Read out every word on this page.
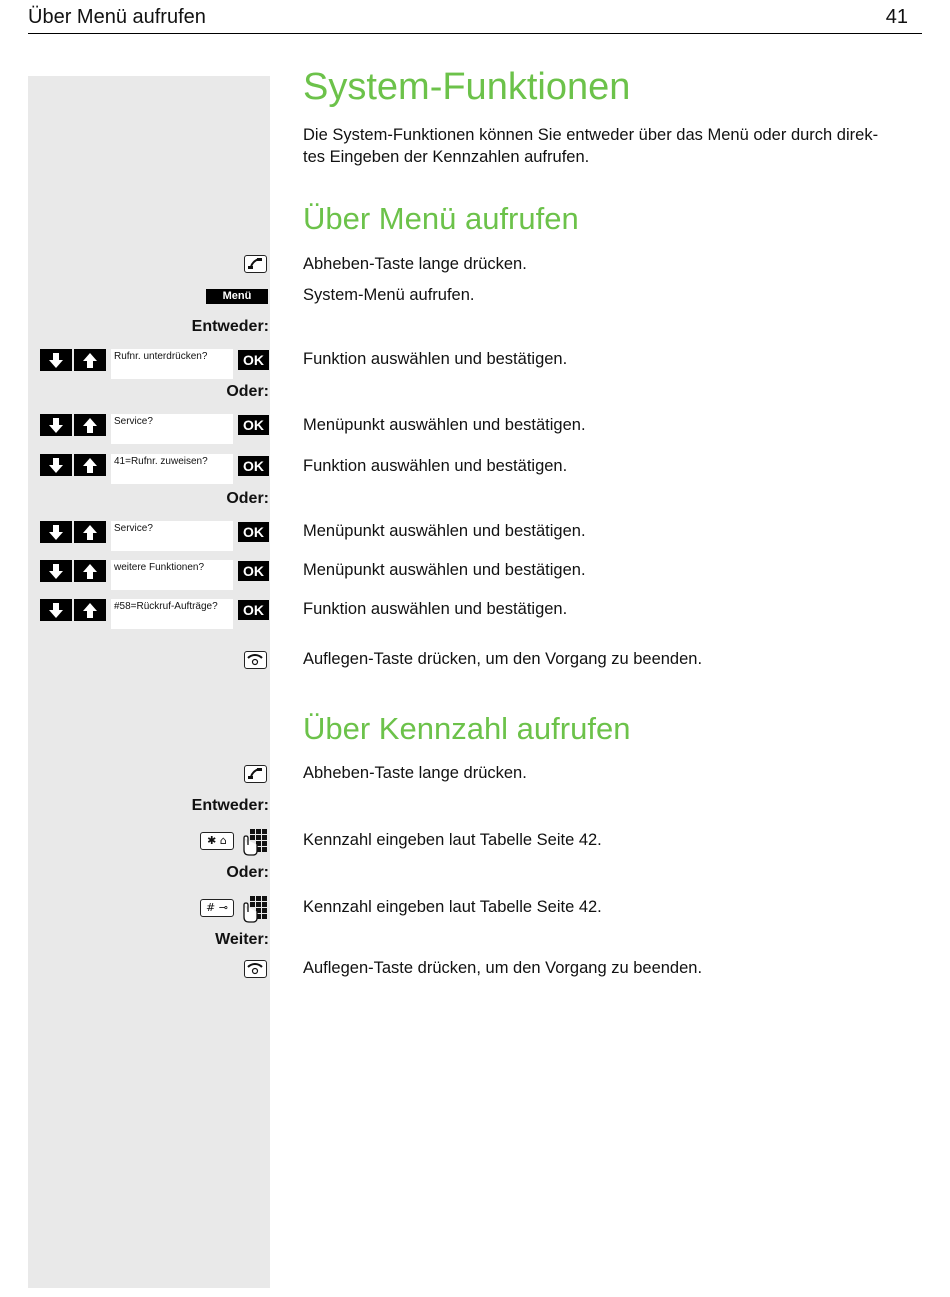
Über Menü aufrufen	41
System-Funktionen
Die System-Funktionen können Sie entweder über das Menü oder durch direk-
tes Eingeben der Kennzahlen aufrufen.
Über Menü aufrufen
Abheben-Taste lange drücken.
Menü	System-Menü aufrufen.
Entweder:
Rufnr. unterdrücken?	OK	Funktion auswählen und bestätigen.
Oder:
Service?	OK	Menüpunkt auswählen und bestätigen.
41=Rufnr. zuweisen?	OK	Funktion auswählen und bestätigen.
Oder:
Service?	OK	Menüpunkt auswählen und bestätigen.
weitere Funktionen?	OK	Menüpunkt auswählen und bestätigen.
#58=Rückruf-Aufträge?	OK	Funktion auswählen und bestätigen.
Auflegen-Taste drücken, um den Vorgang zu beenden.
Über Kennzahl aufrufen
Abheben-Taste lange drücken.
Entweder:
✱ ⌂	Kennzahl eingeben laut Tabelle Seite 42.
Oder:
# ⊸	Kennzahl eingeben laut Tabelle Seite 42.
Weiter:
Auflegen-Taste drücken, um den Vorgang zu beenden.
